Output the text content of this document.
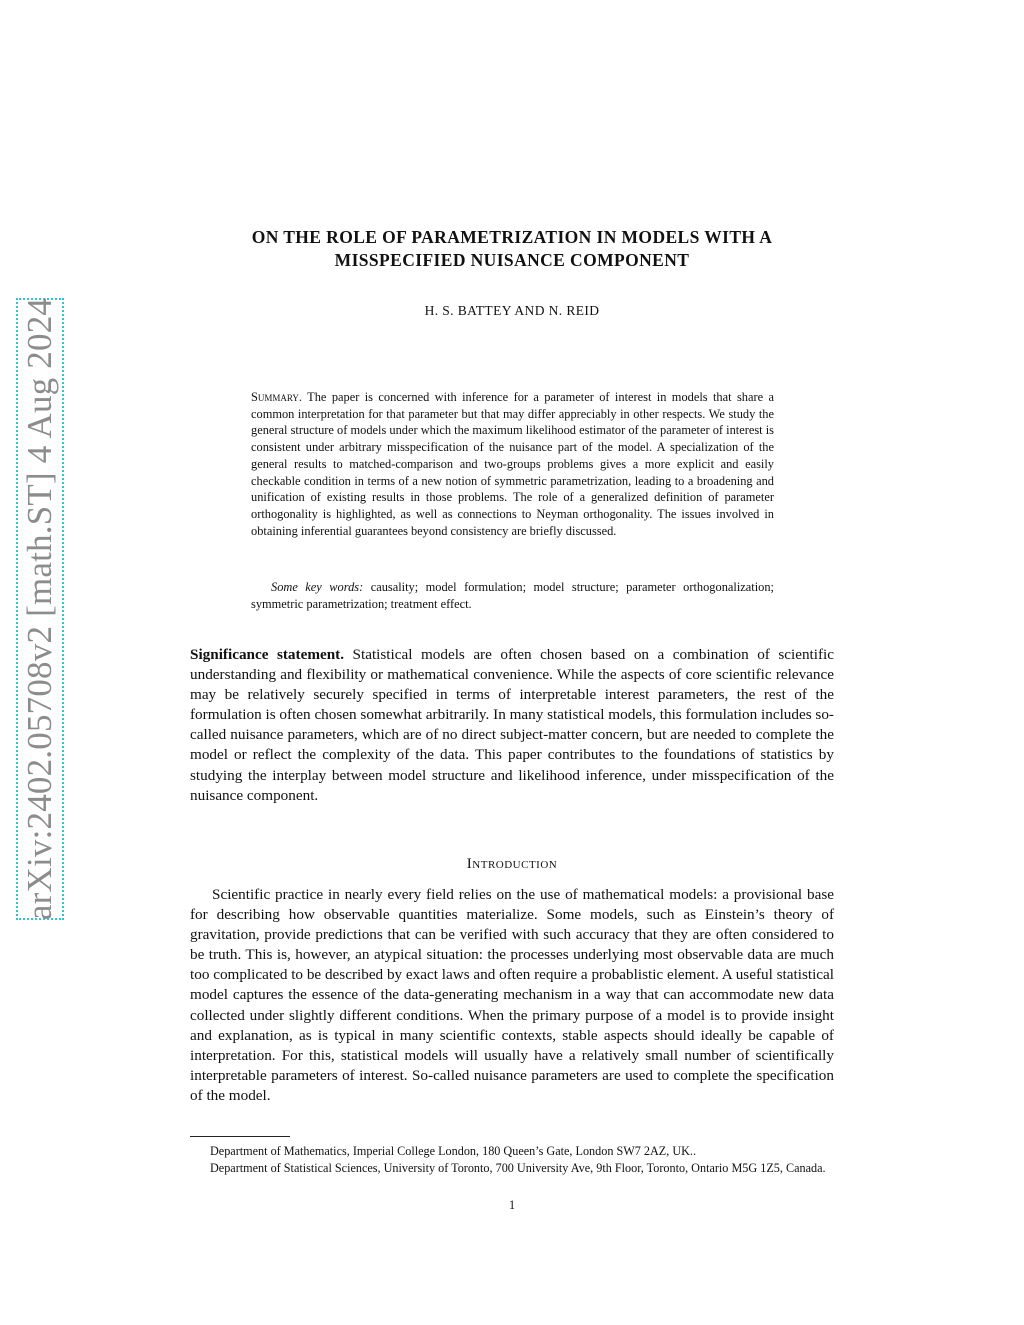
arXiv:2402.05708v2 [math.ST] 4 Aug 2024
ON THE ROLE OF PARAMETRIZATION IN MODELS WITH A MISSPECIFIED NUISANCE COMPONENT
H. S. BATTEY AND N. REID
Summary. The paper is concerned with inference for a parameter of interest in models that share a common interpretation for that parameter but that may differ appreciably in other respects. We study the general structure of models under which the maximum likelihood estimator of the parameter of interest is consistent under arbitrary misspecification of the nuisance part of the model. A specialization of the general results to matched-comparison and two-groups problems gives a more explicit and easily checkable condition in terms of a new notion of symmetric parametrization, leading to a broadening and unification of existing results in those problems. The role of a generalized definition of parameter orthogonality is highlighted, as well as connections to Neyman orthogonality. The issues involved in obtaining inferential guarantees beyond consistency are briefly discussed.
Some key words: causality; model formulation; model structure; parameter orthogonalization; symmetric parametrization; treatment effect.
Significance statement. Statistical models are often chosen based on a combination of scientific understanding and flexibility or mathematical convenience. While the aspects of core scientific relevance may be relatively securely specified in terms of interpretable interest parameters, the rest of the formulation is often chosen somewhat arbitrarily. In many statistical models, this formulation includes so-called nuisance parameters, which are of no direct subject-matter concern, but are needed to complete the model or reflect the complexity of the data. This paper contributes to the foundations of statistics by studying the interplay between model structure and likelihood inference, under misspecification of the nuisance component.
Introduction

Scientific practice in nearly every field relies on the use of mathematical models: a provisional base for describing how observable quantities materialize. Some models, such as Einstein’s theory of gravitation, provide predictions that can be verified with such accuracy that they are often considered to be truth. This is, however, an atypical situation: the processes underlying most observable data are much too complicated to be described by exact laws and often require a probablistic element. A useful statistical model captures the essence of the data-generating mechanism in a way that can accommodate new data collected under slightly different conditions. When the primary purpose of a model is to provide insight and explanation, as is typical in many scientific contexts, stable aspects should ideally be capable of interpretation. For this, statistical models will usually have a relatively small number of scientifically interpretable parameters of interest. So-called nuisance parameters are used to complete the specification of the model.

Department of Mathematics, Imperial College London, 180 Queen’s Gate, London SW7 2AZ, UK..

Department of Statistical Sciences, University of Toronto, 700 University Ave, 9th Floor, Toronto, Ontario M5G 1Z5, Canada.

1
